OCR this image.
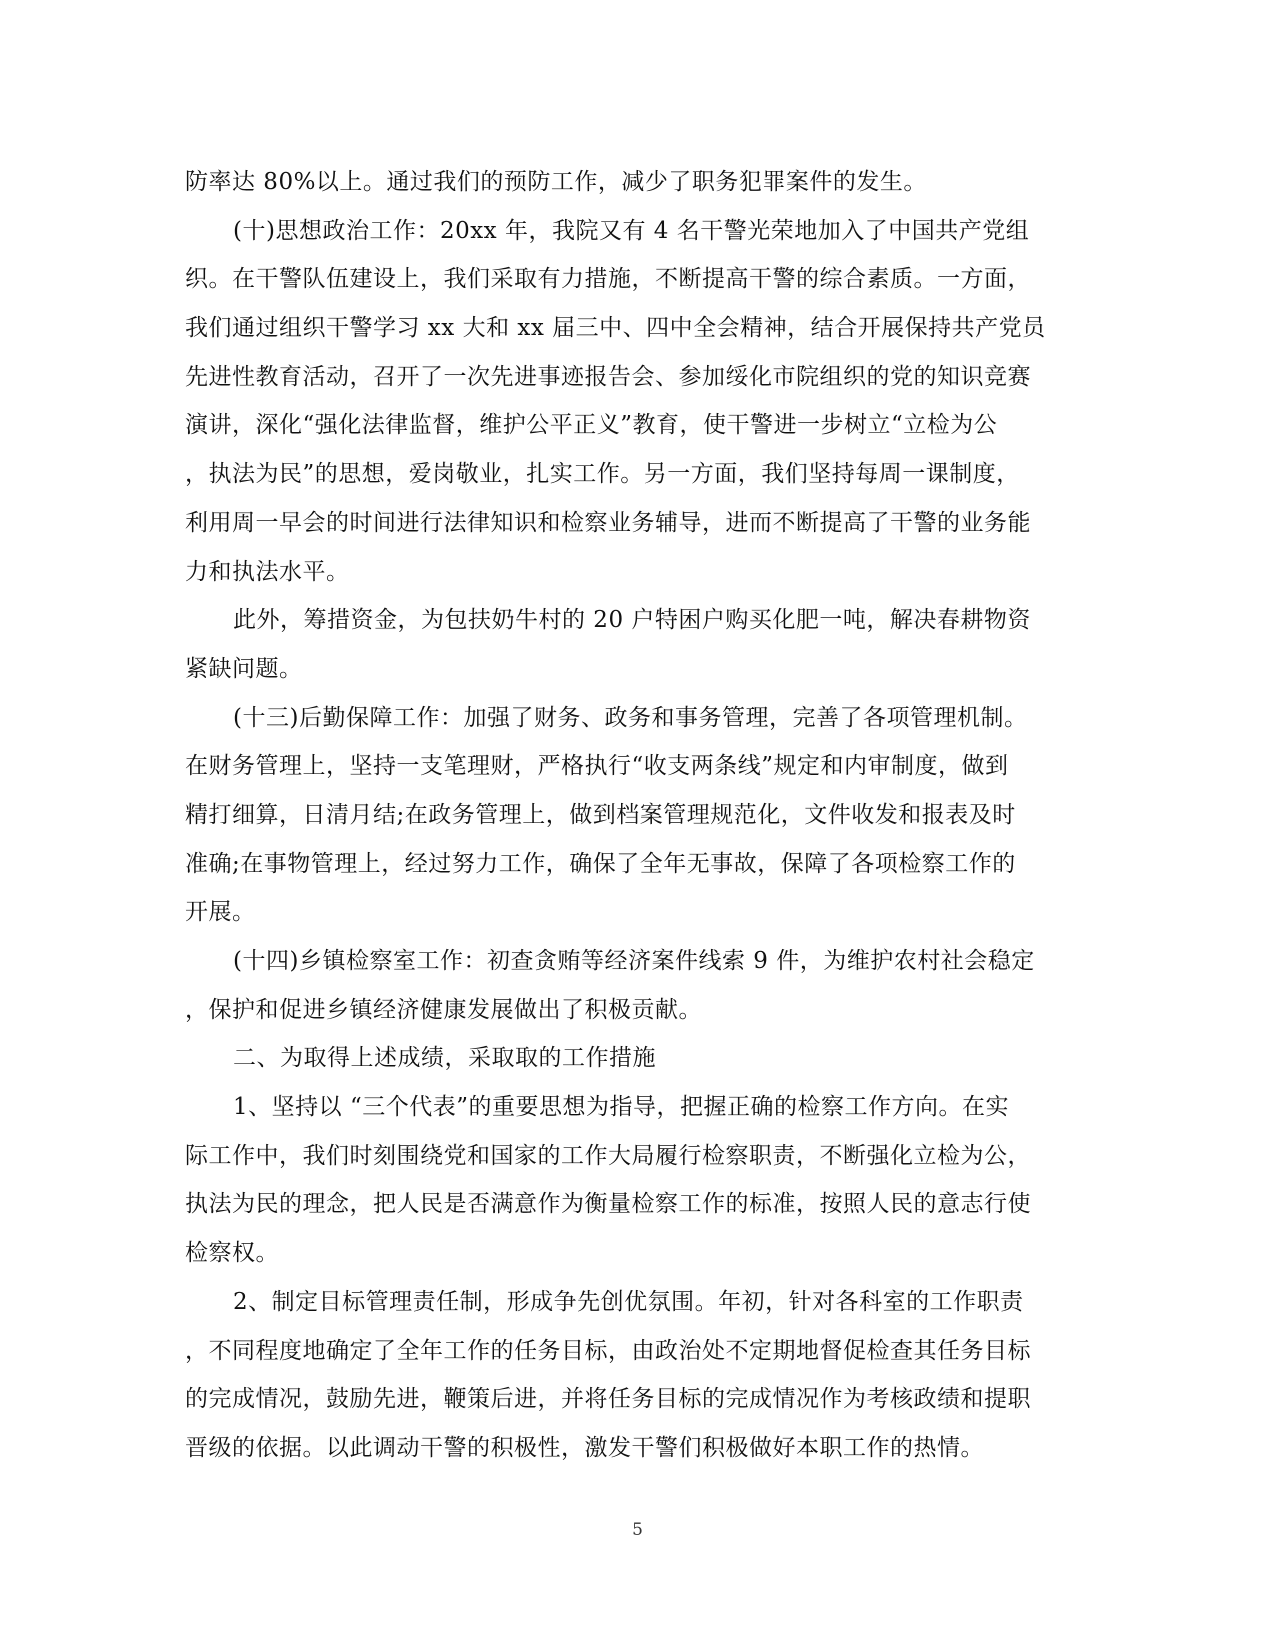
防率达 80%以上。通过我们的预防工作，减少了职务犯罪案件的发生。
(十)思想政治工作：20xx 年，我院又有 4 名干警光荣地加入了中国共产党组
织。在干警队伍建设上，我们采取有力措施，不断提高干警的综合素质。一方面，
我们通过组织干警学习 xx 大和 xx 届三中、四中全会精神，结合开展保持共产党员
先进性教育活动，召开了一次先进事迹报告会、参加绥化市院组织的党的知识竞赛
演讲，深化“强化法律监督，维护公平正义”教育，使干警进一步树立“立检为公
，执法为民”的思想，爱岗敬业，扎实工作。另一方面，我们坚持每周一课制度，
利用周一早会的时间进行法律知识和检察业务辅导，进而不断提高了干警的业务能
力和执法水平。
此外，筹措资金，为包扶奶牛村的 20 户特困户购买化肥一吨，解决春耕物资
紧缺问题。
(十三)后勤保障工作：加强了财务、政务和事务管理，完善了各项管理机制。
在财务管理上，坚持一支笔理财，严格执行“收支两条线”规定和内审制度，做到
精打细算，日清月结;在政务管理上，做到档案管理规范化，文件收发和报表及时
准确;在事物管理上，经过努力工作，确保了全年无事故，保障了各项检察工作的
开展。
(十四)乡镇检察室工作：初查贪贿等经济案件线索 9 件，为维护农村社会稳定
，保护和促进乡镇经济健康发展做出了积极贡献。
二、为取得上述成绩，采取取的工作措施
1、坚持以 “三个代表”的重要思想为指导，把握正确的检察工作方向。在实
际工作中，我们时刻围绕党和国家的工作大局履行检察职责，不断强化立检为公，
执法为民的理念，把人民是否满意作为衡量检察工作的标准，按照人民的意志行使
检察权。
2、制定目标管理责任制，形成争先创优氛围。年初，针对各科室的工作职责
，不同程度地确定了全年工作的任务目标，由政治处不定期地督促检查其任务目标
的完成情况，鼓励先进，鞭策后进，并将任务目标的完成情况作为考核政绩和提职
晋级的依据。以此调动干警的积极性，激发干警们积极做好本职工作的热情。
5
